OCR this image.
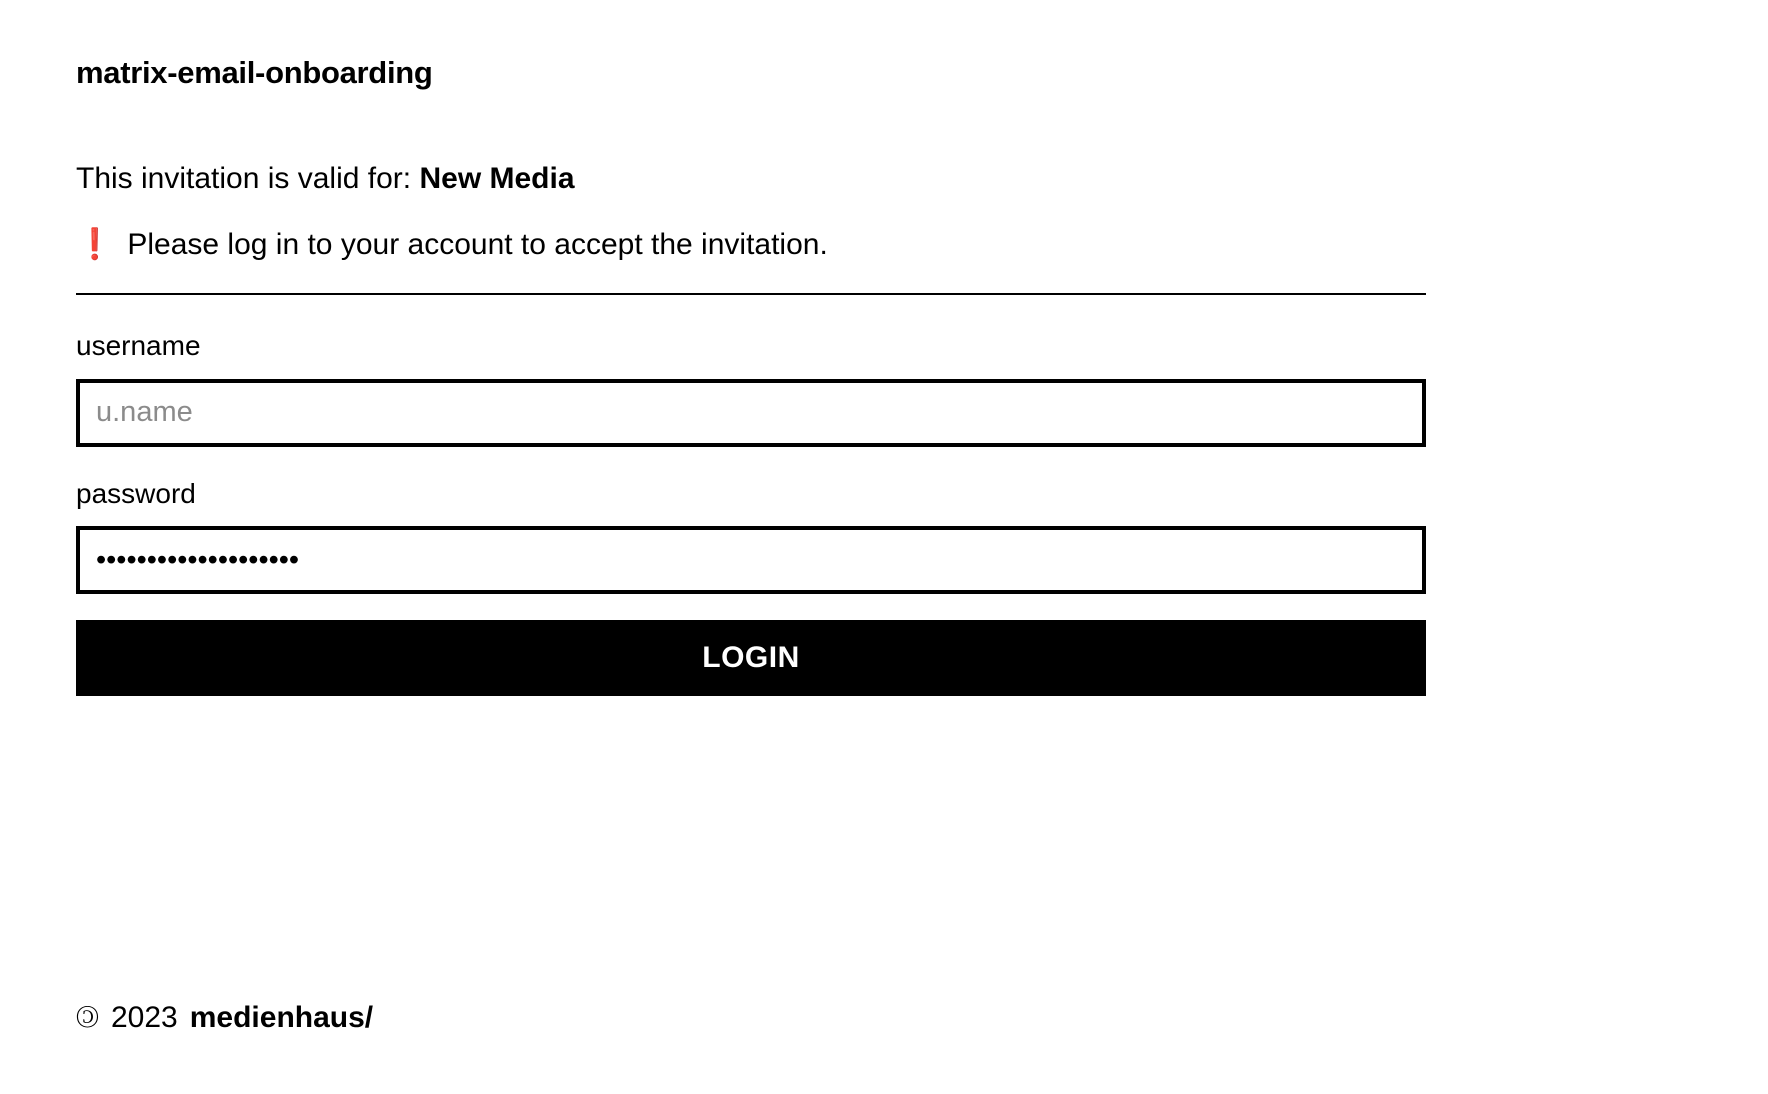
matrix-email-onboarding
This invitation is valid for: New Media
❗ Please log in to your account to accept the invitation.
username
u.name
password
LOGIN
🄯 2023 medienhaus/
